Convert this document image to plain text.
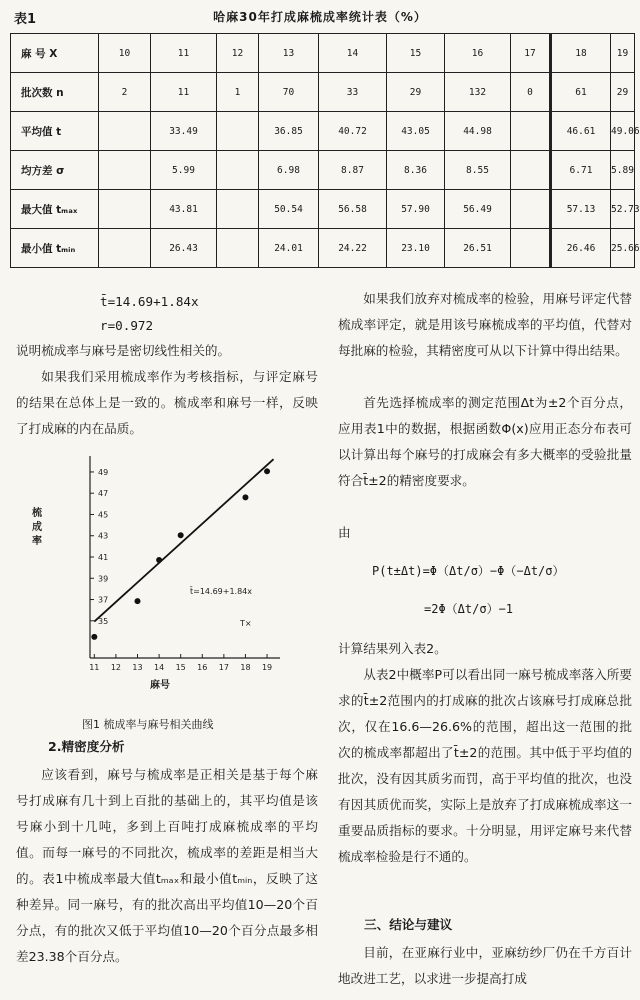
表1	哈麻30年打成麻梳成率统计表（%）
麻 号 X	10	11	12	13	14	15	16	17	18	19	
批次数 n	2	11	1	70	33	29	132	0	61	29	
平均值 t		33.49		36.85	40.72	43.05	44.98		46.61	49.06	
均方差 σ		5.99		6.98	8.87	8.36	8.55		6.71	5.89	
最大值 tₘₐₓ		43.81		50.54	56.58	57.90	56.49		57.13	52.73	
最小值 tₘᵢₙ		26.43		24.01	24.22	23.10	26.51		26.46	25.66	
t̄=14.69+1.84x
r=0.972

说明梳成率与麻号是密切线性相关的。

如果我们采用梳成率作为考核指标，与评定麻号的结果在总体上是一致的。梳成率和麻号一样，反映了打成麻的内在品质。

11 12 13 14 15 16 17 18 19
35
37
39
41
43
45
47
49
t̄=14.69+1.84x
T×
麻号
梳成率
图1 梳成率与麻号相关曲线
2.精密度分析

应该看到，麻号与梳成率是正相关是基于每个麻号打成麻有几十到上百批的基础上的，其平均值是该号麻小到十几吨，多到上百吨打成麻梳成率的平均值。而每一麻号的不同批次，梳成率的差距是相当大的。表1中梳成率最大值tₘₐₓ和最小值tₘᵢₙ，反映了这种差异。同一麻号，有的批次高出平均值10—20个百分点，有的批次又低于平均值10—20个百分点最多相差23.38个百分点。

如果我们放弃对梳成率的检验，用麻号评定代替梳成率评定，就是用该号麻梳成率的平均值，代替对每批麻的检验，其精密度可从以下计算中得出结果。

首先选择梳成率的测定范围Δt为±2个百分点，应用表1中的数据，根据函数Φ(x)应用正态分布表可以计算出每个麻号的打成麻会有多大概率的受验批量符合t̄±2的精密度要求。

由
P(t±Δt)=Φ（Δt/σ）−Φ（−Δt/σ）
=2Φ（Δt/σ）−1
计算结果列入表2。

从表2中概率P可以看出同一麻号梳成率落入所要求的t̄±2范围内的打成麻的批次占该麻号打成麻总批次，仅在16.6—26.6%的范围，超出这一范围的批次的梳成率都超出了t̄±2的范围。其中低于平均值的批次，没有因其质劣而罚，高于平均值的批次，也没有因其质优而奖，实际上是放弃了打成麻梳成率这一重要品质指标的要求。十分明显，用评定麻号来代替梳成率检验是行不通的。

三、结论与建议

目前，在亚麻行业中，亚麻纺纱厂仍在千方百计地改进工艺，以求进一步提高打成
